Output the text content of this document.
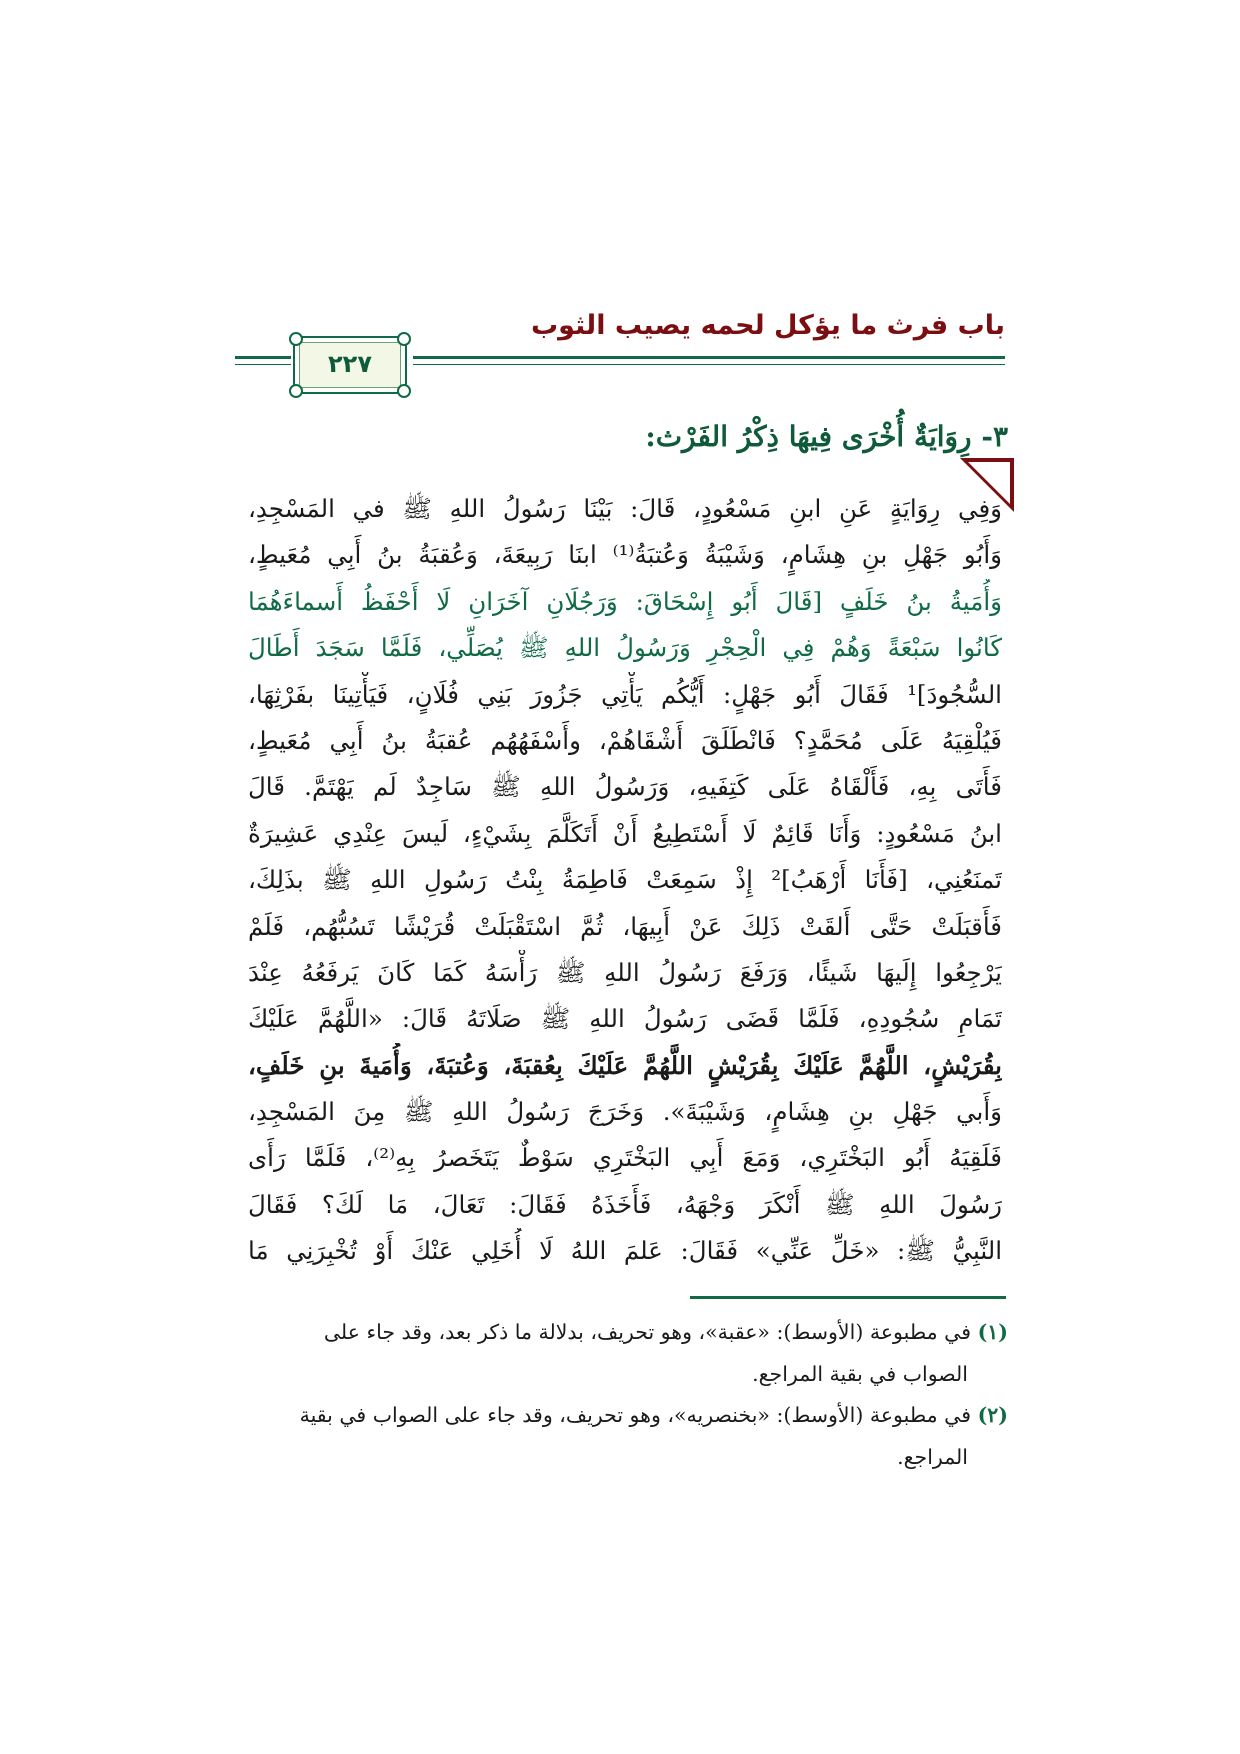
باب فرث ما يؤكل لحمه يصيب الثوب
٢٢٧
٣- رِوَايَةٌ أُخْرَى فِيهَا ذِكْرُ الفَرْث:
وَفِي رِوَايَةٍ عَنِ ابنِ مَسْعُودٍ، قَالَ: بَيْنَا رَسُولُ اللهِ ﷺ في المَسْجِدِ،
وَأَبُو جَهْلِ بنِ هِشَامٍ، وَشَيْبَةُ وَعُتبَةُ⁽¹⁾ ابنَا رَبِيعَةَ، وَعُقبَةُ بنُ أَبِي مُعَيطٍ،
وَأُمَيةُ بنُ خَلَفٍ [قَالَ أَبُو إِسْحَاقَ: وَرَجُلَانِ آخَرَانِ لَا أَحْفَظُ أَسماءَهُمَا
كَانُوا سَبْعَةً وَهُمْ فِي الْحِجْرِ وَرَسُولُ اللهِ ﷺ يُصَلِّي، فَلَمَّا سَجَدَ أَطَالَ
السُّجُودَ]¹ فَقَالَ أَبُو جَهْلٍ: أَيُّكُم يَأْتِي جَزُورَ بَنِي فُلَانٍ، فَيَأْتِينَا بفَرْثِهَا،
فَيُلْقِيَهُ عَلَى مُحَمَّدٍ؟ فَانْطَلَقَ أَشْقَاهُمْ، وأَسْفَهُهُم عُقبَةُ بنُ أَبِي مُعَيطٍ،
فَأَتَى بِهِ، فَأَلْقَاهُ عَلَى كَتِفَيهِ، وَرَسُولُ اللهِ ﷺ سَاجِدٌ لَم يَهْتَمَّ. قَالَ
ابنُ مَسْعُودٍ: وَأَنَا قَائِمٌ لَا أَسْتَطِيعُ أَنْ أَتَكَلَّمَ بِشَيْءٍ، لَيسَ عِنْدِي عَشِيرَةٌ
تَمنَعُنِي، [فَأَنَا أَرْهَبُ]² إِذْ سَمِعَتْ فَاطِمَةُ بِنْتُ رَسُولِ اللهِ ﷺ بذَلِكَ،
فَأَقبَلَتْ حَتَّى أَلقَتْ ذَلِكَ عَنْ أَبِيهَا، ثُمَّ اسْتَقْبَلَتْ قُرَيْشًا تَسُبُّهُم، فَلَمْ
يَرْجِعُوا إِلَيهَا شَيئًا، وَرَفَعَ رَسُولُ اللهِ ﷺ رَأْسَهُ كَمَا كَانَ يَرفَعُهُ عِنْدَ
تَمَامِ سُجُودِهِ، فَلَمَّا قَضَى رَسُولُ اللهِ ﷺ صَلَاتَهُ قَالَ: «اللَّهُمَّ عَلَيْكَ
بِقُرَيْشٍ، اللَّهُمَّ عَلَيْكَ بِقُرَيْشٍ اللَّهُمَّ عَلَيْكَ بِعُقبَةَ، وَعُتبَةَ، وَأُمَيةَ بنِ خَلَفٍ،
وَأَبي جَهْلِ بنِ هِشَامٍ، وَشَيْبَةَ». وَخَرَجَ رَسُولُ اللهِ ﷺ مِنَ المَسْجِدِ،
فَلَقِيَهُ أَبُو البَخْتَرِي، وَمَعَ أَبِي البَخْتَرِي سَوْطٌ يَتَخَصرُ بِهِ⁽²⁾، فَلَمَّا رَأَى
رَسُولَ اللهِ ﷺ أَنْكَرَ وَجْهَهُ، فَأَخَذَهُ فَقَالَ: تَعَالَ، مَا لَكَ؟ فَقَالَ
النَّبِيُّ ﷺ: «خَلِّ عَنِّي» فَقَالَ: عَلمَ اللهُ لَا أُخَلِي عَنْكَ أَوْ تُخْبِرَنِي مَا
(١) في مطبوعة (الأوسط): «عقبة»، وهو تحريف، بدلالة ما ذكر بعد، وقد جاء على
الصواب في بقية المراجع.
(٢) في مطبوعة (الأوسط): «بخنصريه»، وهو تحريف، وقد جاء على الصواب في بقية
المراجع.
